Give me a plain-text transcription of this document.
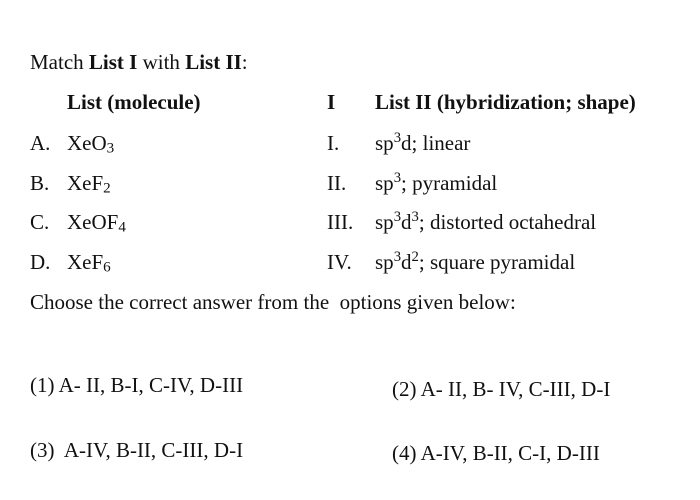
Match List I with List II:
List (molecule)	I List II (hybridization; shape)
A. XeO$_3$	I. $sp^3d$; linear
B. XeF$_2$	II. $sp^3$; pyramidal
C. XeOF$_4$	III. $sp^3d^3$; distorted octahedral
D. XeF$_6$	IV. $sp^3d^2$; square pyramidal
Choose the correct answer from the  options given below:
(1) A- II, B-I, C-IV, D-III	(2) A- II, B- IV, C-III, D-I
(3)  A-IV, B-II, C-III, D-I	(4) A-IV, B-II, C-I, D-III
